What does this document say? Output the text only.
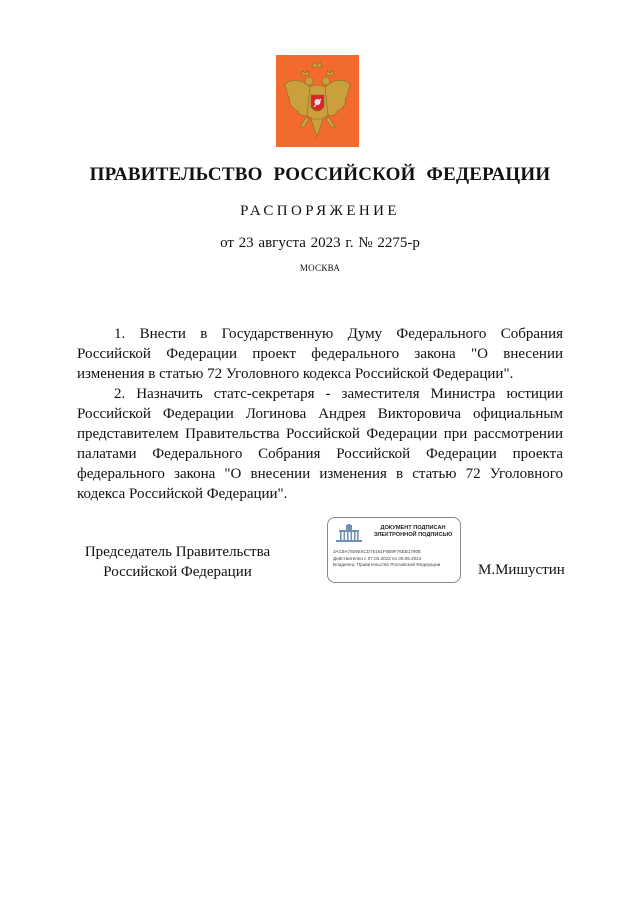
ПРАВИТЕЛЬСТВО РОССИЙСКОЙ ФЕДЕРАЦИИ
РАСПОРЯЖЕНИЕ
от 23 августа 2023 г. № 2275-р
МОСКВА

1. Внести в Государственную Думу Федерального Собрания Российской Федерации проект федерального закона "О внесении изменения в статью 72 Уголовного кодекса Российской Федерации".

2. Назначить статс-секретаря - заместителя Министра юстиции Российской Федерации Логинова Андрея Викторовича официальным представителем Правительства Российской Федерации при рассмотрении палатами Федерального Собрания Российской Федерации проекта федерального закона "О внесении изменения в статью 72 Уголовного кодекса Российской Федерации".

Председатель Правительства
Российской Федерации
ДОКУМЕНТ ПОДПИСАН
ЭЛЕКТРОННОЙ ПОДПИСЬЮ
3AC9A79290SCD76161F0B9F76EB1790E
Действителен с 07.03.2023 по 30.05.2024
Владелец: Правительство Российской Федерации	М.Мишустин
